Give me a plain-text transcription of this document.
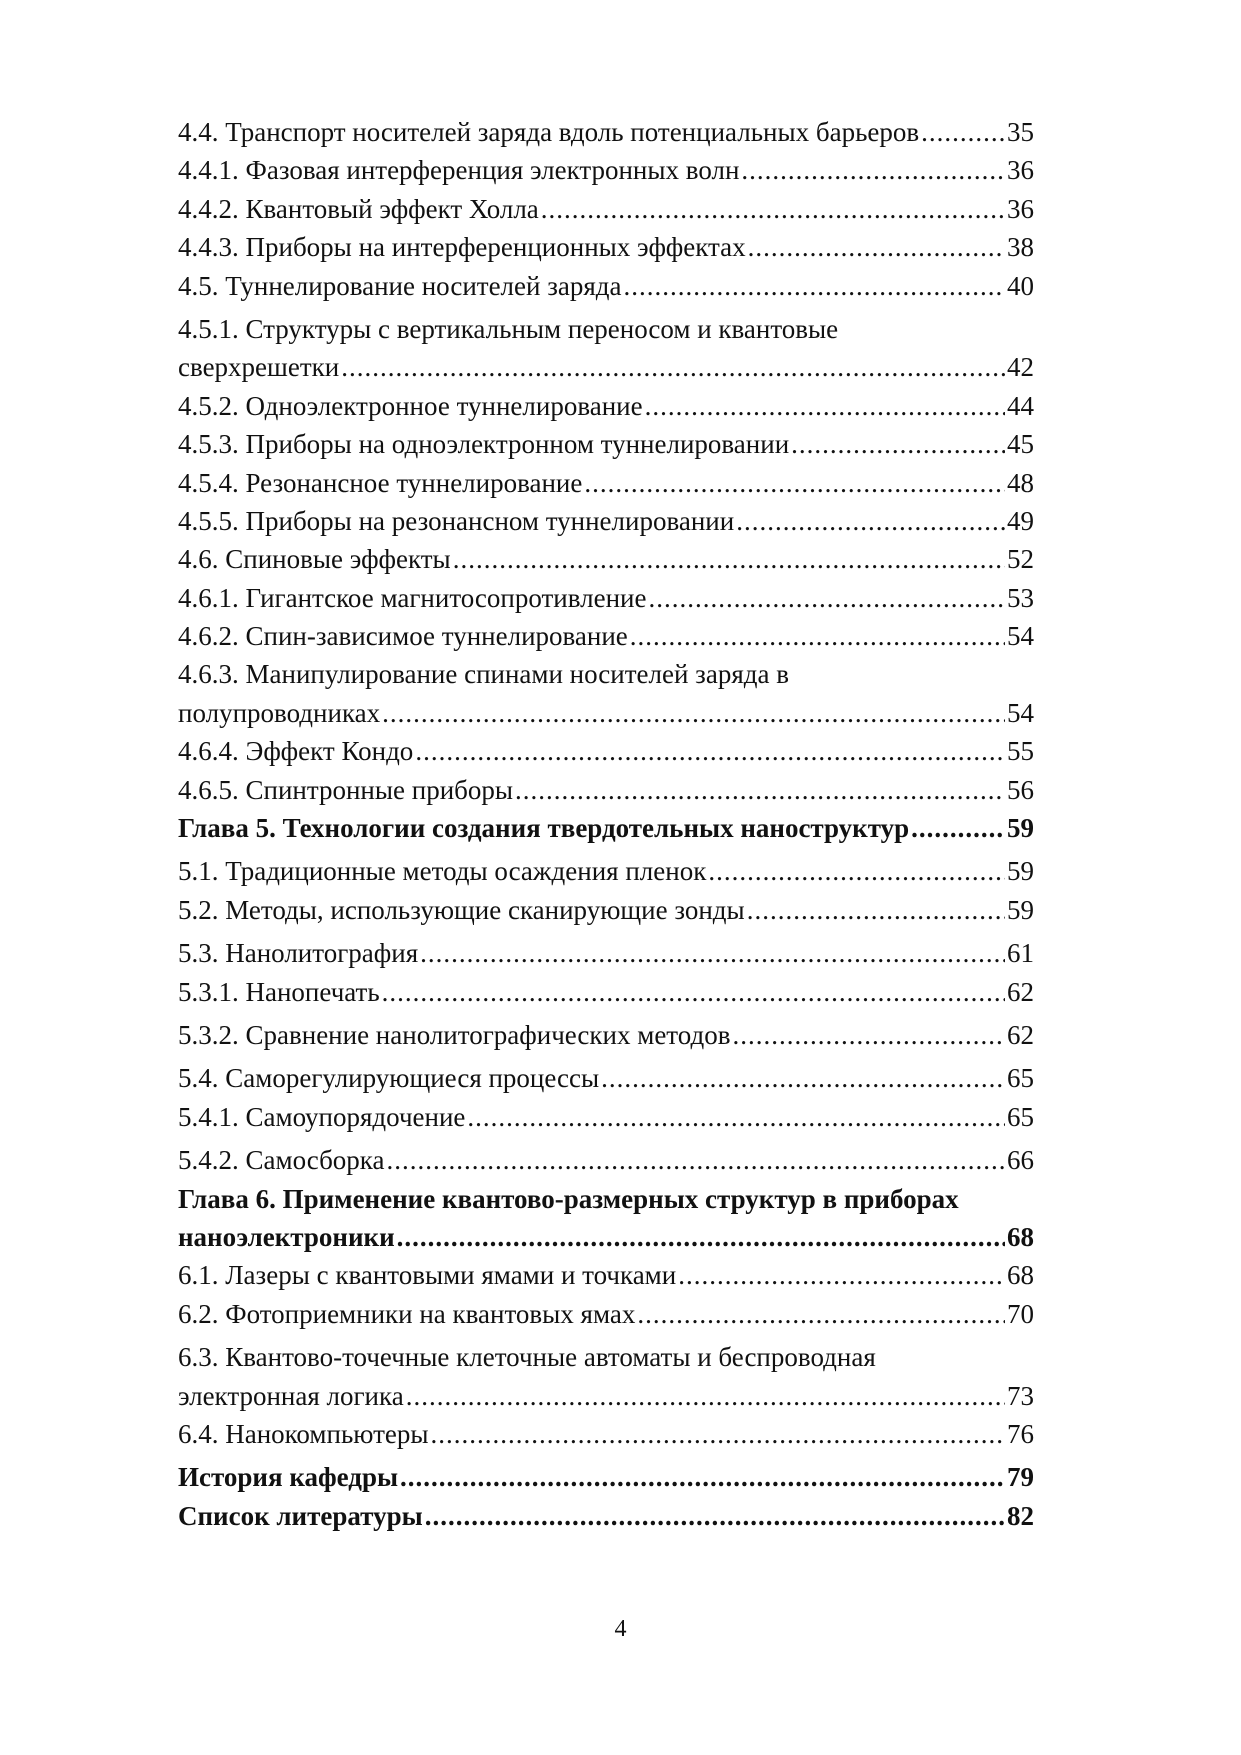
4.4. Транспорт носителей заряда вдоль потенциальных барьеров .....	35
4.4.1. Фазовая интерференция электронных волн .....	36
4.4.2. Квантовый эффект Холла .....	36
4.4.3. Приборы на интерференционных эффектах .....	38
4.5. Туннелирование носителей заряда .....	40
4.5.1. Структуры с вертикальным переносом и квантовые
сверхрешетки .....	42
4.5.2. Одноэлектронное туннелирование .....	44
4.5.3. Приборы на одноэлектронном туннелировании .....	45
4.5.4. Резонансное туннелирование .....	48
4.5.5. Приборы на резонансном туннелировании .....	49
4.6. Спиновые эффекты .....	52
4.6.1. Гигантское магнитосопротивление .....	53
4.6.2. Спин-зависимое туннелирование .....	54
4.6.3. Манипулирование спинами носителей заряда в
полупроводниках .....	54
4.6.4. Эффект Кондо .....	55
4.6.5. Спинтронные приборы .....	56
Глава 5. Технологии создания твердотельных наноструктур .....	59
5.1. Традиционные методы осаждения пленок .....	59
5.2. Методы, использующие сканирующие зонды .....	59
5.3. Нанолитография .....	61
5.3.1. Нанопечать .....	62
5.3.2. Сравнение нанолитографических методов .....	62
5.4. Саморегулирующиеся процессы .....	65
5.4.1. Самоупорядочение .....	65
5.4.2. Самосборка .....	66
Глава 6. Применение квантово-размерных структур в приборах
наноэлектроники .....	68
6.1. Лазеры с квантовыми ямами и точками .....	68
6.2. Фотоприемники на квантовых ямах .....	70
6.3. Квантово-точечные клеточные автоматы и беспроводная
электронная логика .....	73
6.4. Нанокомпьютеры .....	76
История кафедры .....	79
Список литературы .....	82
4
